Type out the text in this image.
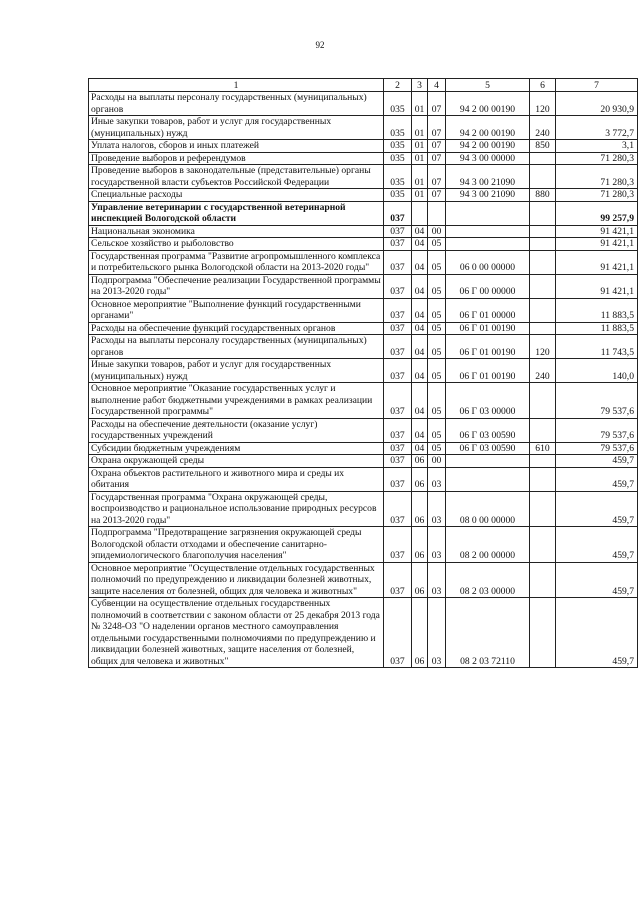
92
1	2	3	4	5	6	7
Расходы на выплаты персоналу государственных (муниципальных) органов	035	01	07	94 2 00 00190	120	20 930,9
Иные закупки товаров, работ и услуг для государственных (муниципальных) нужд	035	01	07	94 2 00 00190	240	3 772,7
Уплата налогов, сборов и иных платежей	035	01	07	94 2 00 00190	850	3,1
Проведение выборов и референдумов	035	01	07	94 3 00 00000		71 280,3
Проведение выборов в законодательные (представительные) органы государственной власти субъектов Российской Федерации	035	01	07	94 3 00 21090		71 280,3
Специальные расходы	035	01	07	94 3 00 21090	880	71 280,3
Управление ветеринарии с государственной ветеринарной инспекцией Вологодской области	037					99 257,9
Национальная экономика	037	04	00			91 421,1
Сельское хозяйство и рыболовство	037	04	05			91 421,1
Государственная программа "Развитие агропромышленного комплекса и потребительского рынка Вологодской области на 2013-2020 годы"	037	04	05	06 0 00 00000		91 421,1
Подпрограмма "Обеспечение реализации Государственной программы на 2013-2020 годы"	037	04	05	06 Г 00 00000		91 421,1
Основное мероприятие "Выполнение функций государственными органами"	037	04	05	06 Г 01 00000		11 883,5
Расходы на обеспечение функций государственных органов	037	04	05	06 Г 01 00190		11 883,5
Расходы на выплаты персоналу государственных (муниципальных) органов	037	04	05	06 Г 01 00190	120	11 743,5
Иные закупки товаров, работ и услуг для государственных (муниципальных) нужд	037	04	05	06 Г 01 00190	240	140,0
Основное мероприятие "Оказание государственных услуг и выполнение работ бюджетными учреждениями в рамках реализации Государственной программы"	037	04	05	06 Г 03 00000		79 537,6
Расходы на обеспечение деятельности (оказание услуг) государственных учреждений	037	04	05	06 Г 03 00590		79 537,6
Субсидии бюджетным учреждениям	037	04	05	06 Г 03 00590	610	79 537,6
Охрана окружающей среды	037	06	00			459,7
Охрана объектов растительного и животного мира и среды их обитания	037	06	03			459,7
Государственная программа "Охрана окружающей среды, воспроизводство и рациональное использование природных ресурсов на 2013-2020 годы"	037	06	03	08 0 00 00000		459,7
Подпрограмма "Предотвращение загрязнения окружающей среды Вологодской области отходами и обеспечение санитарно-эпидемиологического благополучия населения"	037	06	03	08 2 00 00000		459,7
Основное мероприятие "Осуществление отдельных государственных полномочий по предупреждению и ликвидации болезней животных, защите населения от болезней, общих для человека и животных"	037	06	03	08 2 03 00000		459,7
Субвенции на осуществление отдельных государственных полномочий в соответствии с законом области от 25 декабря 2013 года № 3248-ОЗ "О наделении органов местного самоуправления отдельными государственными полномочиями по предупреждению и ликвидации болезней животных, защите населения от болезней, общих для человека и животных"	037	06	03	08 2 03 72110		459,7
